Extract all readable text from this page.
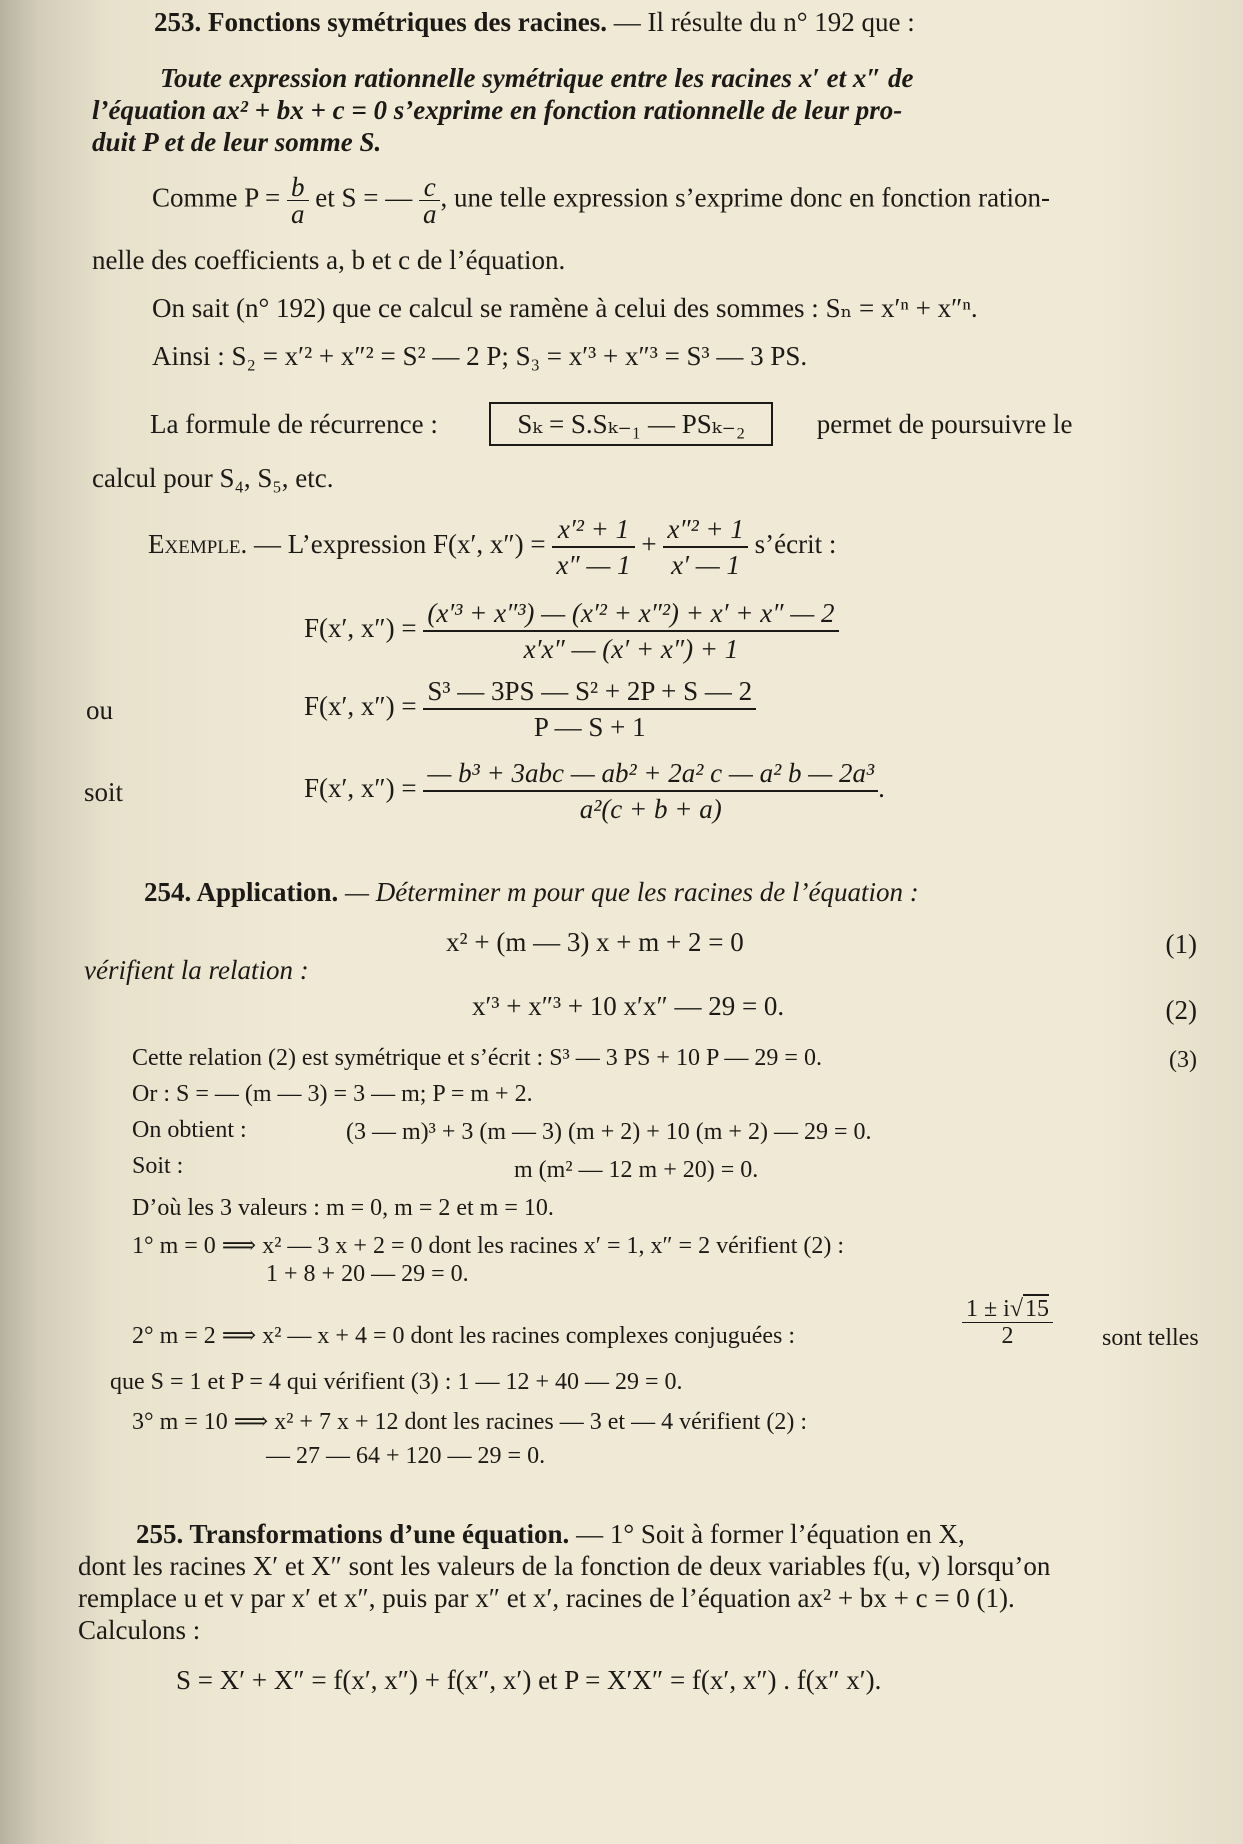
253. Fonctions symétriques des racines. — Il résulte du n° 192 que :
Toute expression rationnelle symétrique entre les racines x′ et x″ de
l’équation ax² + bx + c = 0 s’exprime en fonction rationnelle de leur pro-
duit P et de leur somme S.
Comme $P = \frac{b}{a}$ et S = — $\frac{c}{a}$ , une telle expression s’exprime donc en fonction ration-
nelle des coefficients a, b et c de l’équation.
On sait (n° 192) que ce calcul se ramène à celui des sommes : Sₙ = x′ⁿ + x″ⁿ.
Ainsi : S₂ = x′² + x″² = S² — 2 P; S₃ = x′³ + x″³ = S³ — 3 PS.
La formule de récurrence :	Sₖ = S.Sₖ₋₁ — PSₖ₋₂	permet de poursuivre le
calcul pour S₄, S₅, etc.
Exemple. — L’expression F(x′, $x'') = \frac{\text{x′² + 1}}{x'' — 1} + \frac{\text{x″² + 1}}{x' — 1}$ s’écrit :
F(x′, $x'') = \frac{\text{(x′³ + x″³) — (x′² + x″²) + x′ + x″ — 2}}{x'x'' — (x' + x'') + 1}$
ou	F(x′, $x'') = \frac{\text{S³ — 3PS — S² + 2P + S — 2}}{P — S + 1}$
soit	F(x′, $x'') = \frac{\text{— b³ + 3abc — ab² + 2a² c — a² b — 2a³}}{\text{a²(c + b + a)}}$ .
254. Application. — Déterminer m pour que les racines de l’équation :
x² + (m — 3) x + m + 2 = 0	(1)
vérifient la relation :
x′³ + x″³ + 10 x′x″ — 29 = 0.	(2)
Cette relation (2) est symétrique et s’écrit : S³ — 3 PS + 10 P — 29 = 0.	(3)
Or : S = — (m — 3) = 3 — m; P = m + 2.
On obtient :	(3 — m)³ + 3 (m — 3) (m + 2) + 10 (m + 2) — 29 = 0.
Soit :	m (m² — 12 m + 20) = 0.
D’où les 3 valeurs : m = 0, m = 2 et m = 10.
1° m = 0 ⟹ x² — 3 x + 2 = 0 dont les racines x′ = 1, x″ = 2 vérifient (2) :
1 + 8 + 20 — 29 = 0.
2° m = 2 ⟹ x² — x + 4 = 0 dont les racines complexes conjuguées :	$\frac{1 \pm i√15}{2}$ sont telles
que S = 1 et P = 4 qui vérifient (3) : 1 — 12 + 40 — 29 = 0.
3° m = 10 ⟹ x² + 7 x + 12 dont les racines — 3 et — 4 vérifient (2) :
— 27 — 64 + 120 — 29 = 0.
255. Transformations d’une équation. — 1° Soit à former l’équation en X,
dont les racines X′ et X″ sont les valeurs de la fonction de deux variables f(u, v) lorsqu’on
remplace u et v par x′ et x″, puis par x″ et x′, racines de l’équation ax² + bx + c = 0 (1).
Calculons :
S = X′ + X″ = f(x′, x″) + f(x″, x′) et P = X′X″ = f(x′, x″) . f(x″ x′).
